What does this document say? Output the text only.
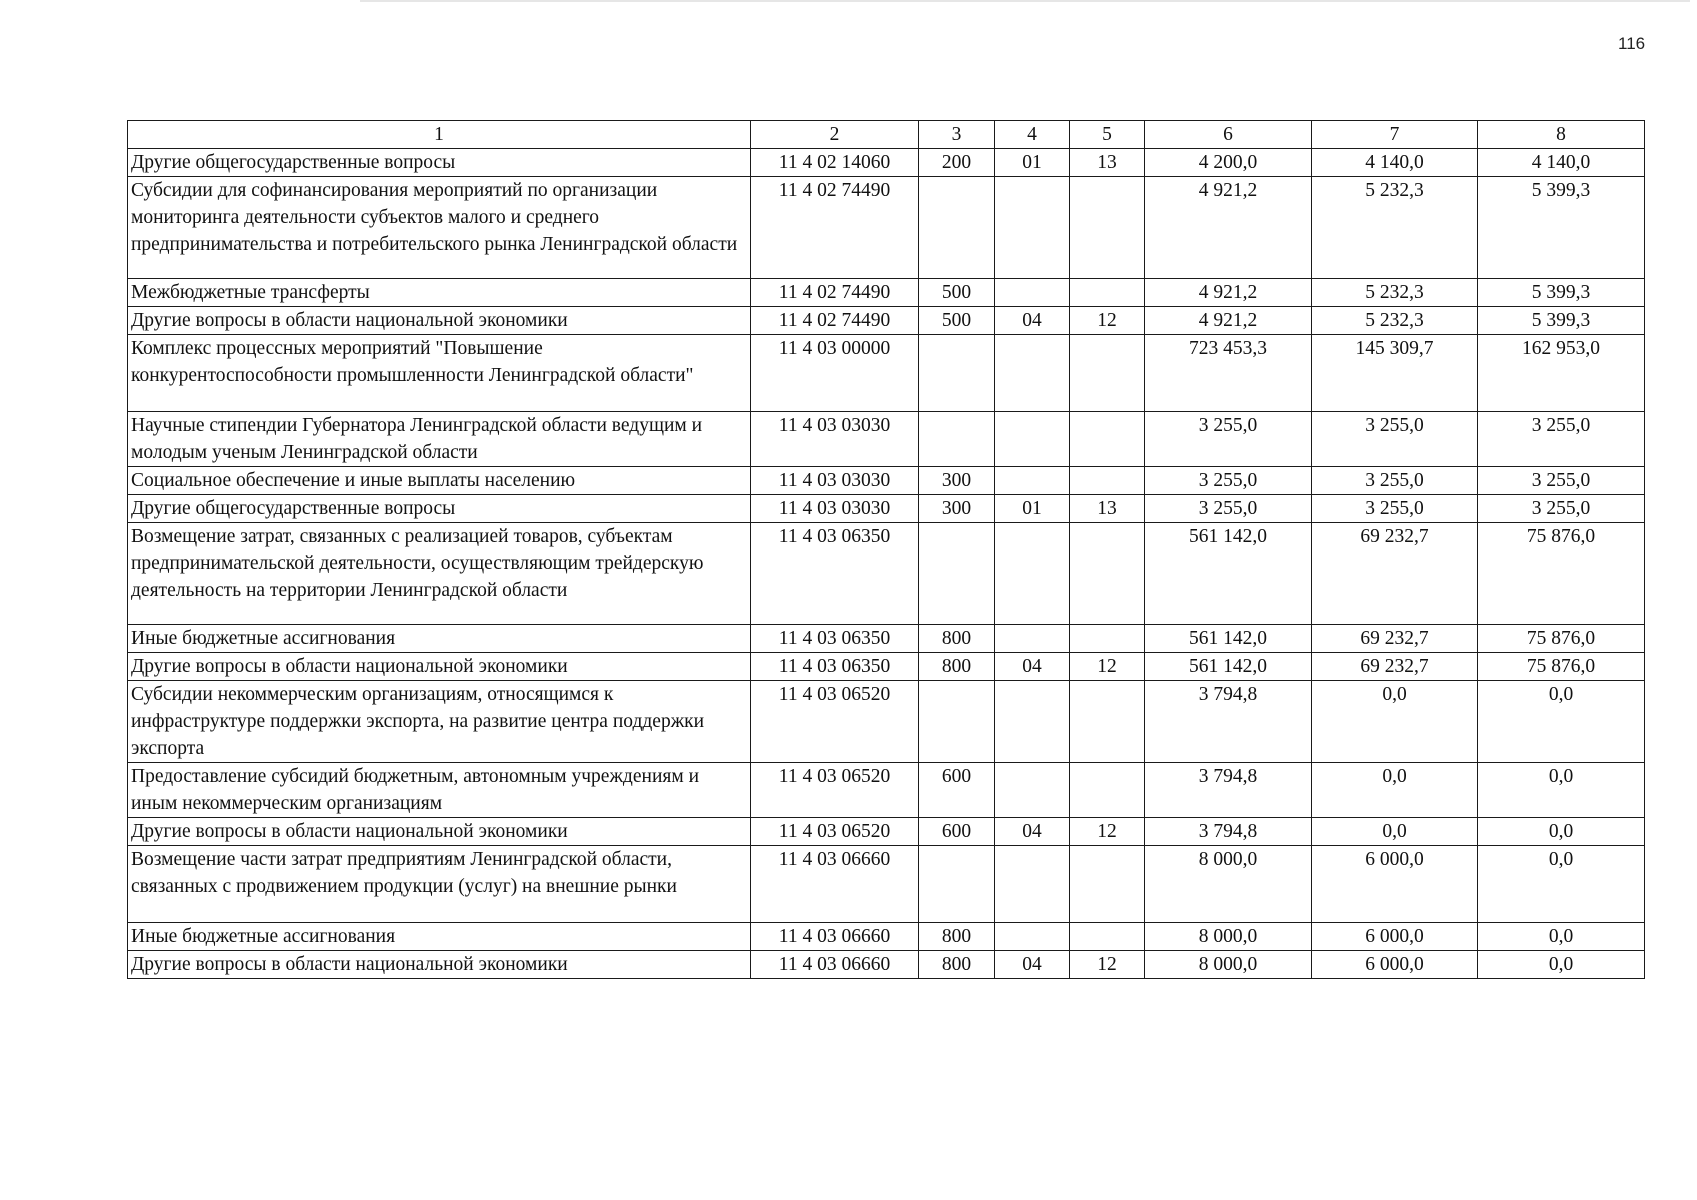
116
1	2	3	4	5	6	7	8
Другие общегосударственные вопросы	11 4 02 14060	200	01	13	4 200,0	4 140,0	4 140,0
Субсидии для софинансирования мероприятий по организации мониторинга деятельности субъектов малого и среднего предпринимательства и потребительского рынка Ленинградской области	11 4 02 74490				4 921,2	5 232,3	5 399,3
Межбюджетные трансферты	11 4 02 74490	500			4 921,2	5 232,3	5 399,3
Другие вопросы в области национальной экономики	11 4 02 74490	500	04	12	4 921,2	5 232,3	5 399,3
Комплекс процессных мероприятий "Повышение конкурентоспособности промышленности Ленинградской области"	11 4 03 00000				723 453,3	145 309,7	162 953,0
Научные стипендии Губернатора Ленинградской области ведущим и молодым ученым Ленинградской области	11 4 03 03030				3 255,0	3 255,0	3 255,0
Социальное обеспечение и иные выплаты населению	11 4 03 03030	300			3 255,0	3 255,0	3 255,0
Другие общегосударственные вопросы	11 4 03 03030	300	01	13	3 255,0	3 255,0	3 255,0
Возмещение затрат, связанных с реализацией товаров, субъектам предпринимательской деятельности, осуществляющим трейдерскую деятельность на территории Ленинградской области	11 4 03 06350				561 142,0	69 232,7	75 876,0
Иные бюджетные ассигнования	11 4 03 06350	800			561 142,0	69 232,7	75 876,0
Другие вопросы в области национальной экономики	11 4 03 06350	800	04	12	561 142,0	69 232,7	75 876,0
Субсидии некоммерческим организациям, относящимся к инфраструктуре поддержки экспорта, на развитие центра поддержки экспорта	11 4 03 06520				3 794,8	0,0	0,0
Предоставление субсидий бюджетным, автономным учреждениям и иным некоммерческим организациям	11 4 03 06520	600			3 794,8	0,0	0,0
Другие вопросы в области национальной экономики	11 4 03 06520	600	04	12	3 794,8	0,0	0,0
Возмещение части затрат предприятиям Ленинградской области, связанных с продвижением продукции (услуг) на внешние рынки	11 4 03 06660				8 000,0	6 000,0	0,0
Иные бюджетные ассигнования	11 4 03 06660	800			8 000,0	6 000,0	0,0
Другие вопросы в области национальной экономики	11 4 03 06660	800	04	12	8 000,0	6 000,0	0,0
